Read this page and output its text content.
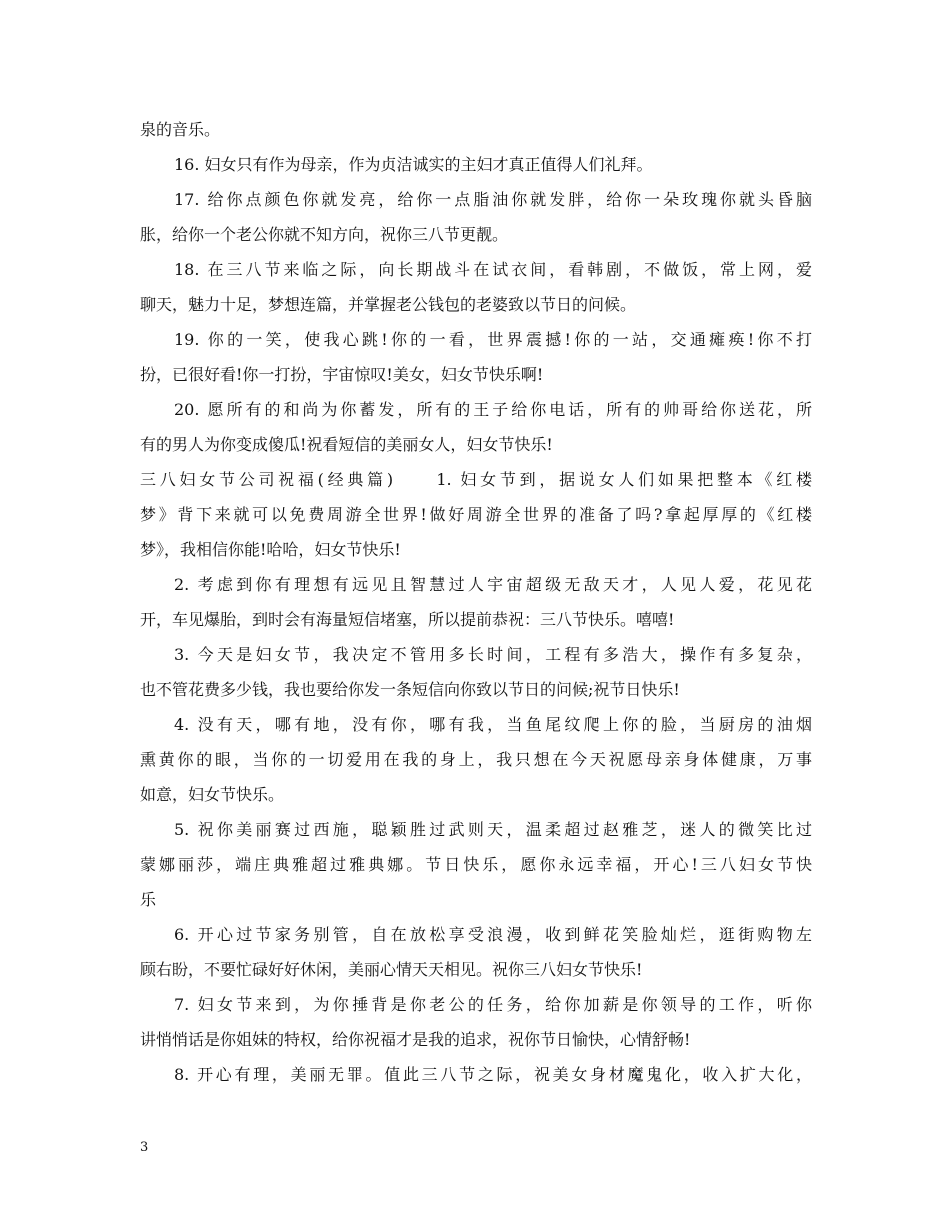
泉的音乐。
16. 妇女只有作为母亲，作为贞洁诚实的主妇才真正值得人们礼拜。
17. 给你点颜色你就发亮，给你一点脂油你就发胖，给你一朵玫瑰你就头昏脑
胀，给你一个老公你就不知方向，祝你三八节更靓。
18. 在三八节来临之际，向长期战斗在试衣间，看韩剧，不做饭，常上网，爱
聊天，魅力十足，梦想连篇，并掌握老公钱包的老婆致以节日的问候。
19. 你的一笑，使我心跳!你的一看，世界震撼!你的一站，交通瘫痪!你不打
扮，已很好看!你一打扮，宇宙惊叹!美女，妇女节快乐啊!
20. 愿所有的和尚为你蓄发，所有的王子给你电话，所有的帅哥给你送花，所
有的男人为你变成傻瓜!祝看短信的美丽女人，妇女节快乐!
三八妇女节公司祝福(经典篇)　　1. 妇女节到，据说女人们如果把整本《红楼
梦》背下来就可以免费周游全世界!做好周游全世界的准备了吗?拿起厚厚的《红楼
梦》，我相信你能!哈哈，妇女节快乐!
2. 考虑到你有理想有远见且智慧过人宇宙超级无敌天才，人见人爱，花见花
开，车见爆胎，到时会有海量短信堵塞，所以提前恭祝：三八节快乐。嘻嘻!
3. 今天是妇女节，我决定不管用多长时间，工程有多浩大，操作有多复杂，
也不管花费多少钱，我也要给你发一条短信向你致以节日的问候;祝节日快乐!
4. 没有天，哪有地，没有你，哪有我，当鱼尾纹爬上你的脸，当厨房的油烟
熏黄你的眼，当你的一切爱用在我的身上，我只想在今天祝愿母亲身体健康，万事
如意，妇女节快乐。
5. 祝你美丽赛过西施，聪颖胜过武则天，温柔超过赵雅芝，迷人的微笑比过
蒙娜丽莎，端庄典雅超过雅典娜。节日快乐，愿你永远幸福，开心!三八妇女节快
乐
6. 开心过节家务别管，自在放松享受浪漫，收到鲜花笑脸灿烂，逛街购物左
顾右盼，不要忙碌好好休闲，美丽心情天天相见。祝你三八妇女节快乐!
7. 妇女节来到，为你捶背是你老公的任务，给你加薪是你领导的工作，听你
讲悄悄话是你姐妹的特权，给你祝福才是我的追求，祝你节日愉快，心情舒畅!
8. 开心有理，美丽无罪。值此三八节之际，祝美女身材魔鬼化，收入扩大化，
3
